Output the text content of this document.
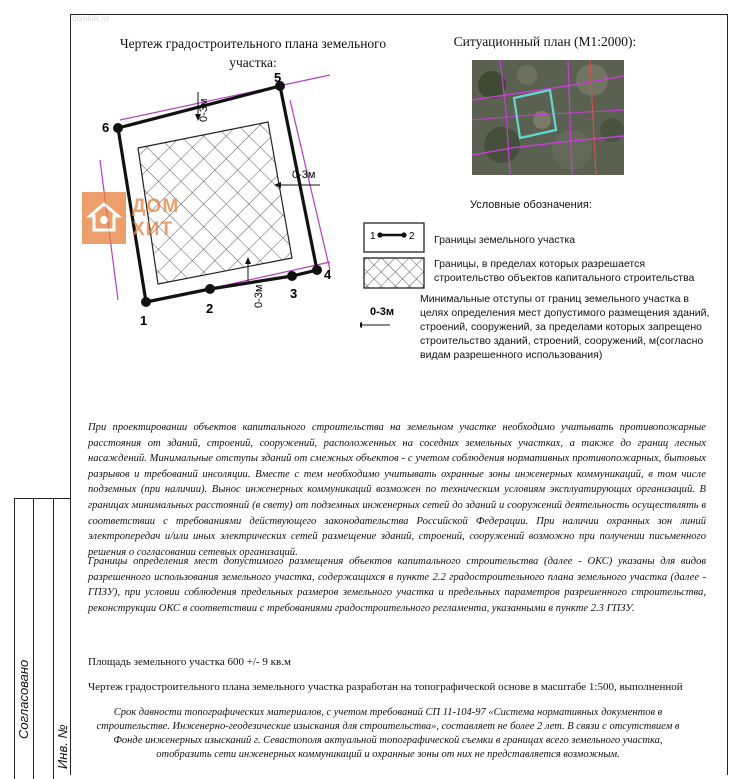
domklik.ru
Согласовано
Инв. №
Чертеж градостроительного плана земельного участка:
1
2
3
4
5
6
0-3м
0-3м
0-3м
ДОМ
ХИТ
Ситуационный план (М1:2000):
Условные обозначения:
1	2
0-3м
Границы земельного участка
Границы, в пределах которых разрешается строительство объектов капитального строительства
Минимальные отступы от границ земельного участка в целях определения мест допустимого размещения зданий, строений, сооружений, за пределами которых запрещено строительство зданий, строений, сооружений, м(согласно видам разрешенного использования)
При проектировании объектов капитального строительства на земельном участке необходимо учитывать противопожарные расстояния от зданий, строений, сооружений, расположенных на соседних земельных участках, а также до границ лесных насаждений. Минимальные отступы зданий от смежных объектов - с учетом соблюдения нормативных противопожарных, бытовых разрывов и требований инсоляции. Вместе с тем необходимо учитывать охранные зоны инженерных коммуникаций, в том числе подземных (при наличии). Вынос инженерных коммуникаций возможен по техническим условиям эксплуатирующих организаций. В границах минимальных расстояний (в свету) от подземных инженерных сетей до зданий и сооружений деятельность осуществлять в соответствии с требованиями действующего законодательства Российской Федерации. При наличии охранных зон линий электропередач и/или иных электрических сетей размещение зданий, строений, сооружений возможно при получении письменного решения о согласовании сетевых организаций.
Границы определения мест допустимого размещения объектов капитального строительства (далее - ОКС) указаны для видов разрешенного использования земельного участка, содержащихся в пункте 2.2 градостроительного плана земельного участка (далее - ГПЗУ), при условии соблюдения предельных размеров земельного участка и предельных параметров разрешенного строительства, реконструкции ОКС в соответствии с требованиями градостроительного регламента, указанными в пункте 2.3 ГПЗУ.
Площадь земельного участка 600 +/- 9 кв.м
Чертеж градостроительного плана земельного участка разработан на топографической основе в масштабе 1:500, выполненной
Срок давности топографических материалов, с учетом требований СП 11-104-97 «Система нормативных документов в строительстве. Инженерно-геодезические изыскания для строительства», составляет не более 2 лет. В связи с отсутствием в Фонде инженерных изысканий г. Севастополя актуальной топографической съемки в границах всего земельного участка, отобразить сети инженерных коммуникаций и охранные зоны от них не представляется возможным.
